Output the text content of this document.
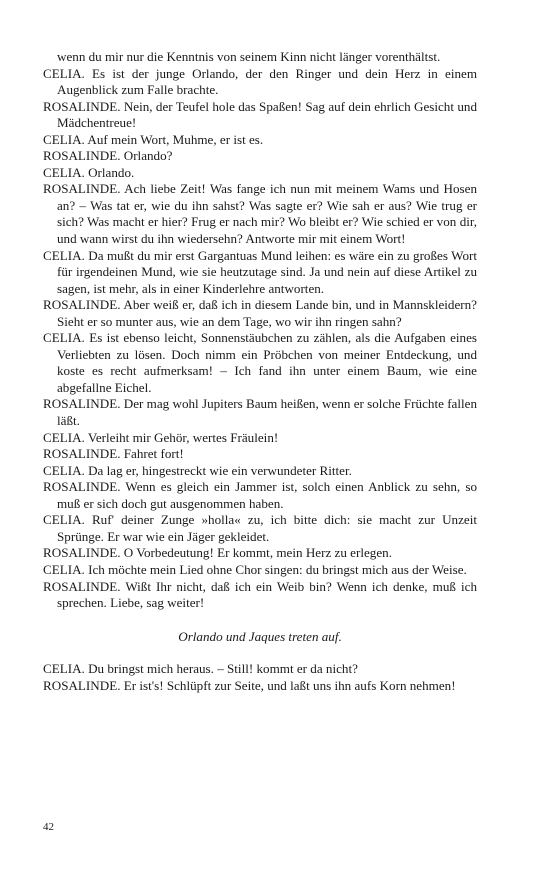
wenn du mir nur die Kenntnis von seinem Kinn nicht länger vorenthältst.

CELIA. Es ist der junge Orlando, der den Ringer und dein Herz in einem Augenblick zum Falle brachte.

ROSALINDE. Nein, der Teufel hole das Spaßen! Sag auf dein ehrlich Gesicht und Mädchentreue!

CELIA. Auf mein Wort, Muhme, er ist es.

ROSALINDE. Orlando?

CELIA. Orlando.

ROSALINDE. Ach liebe Zeit! Was fange ich nun mit meinem Wams und Hosen an? – Was tat er, wie du ihn sahst? Was sagte er? Wie sah er aus? Wie trug er sich? Was macht er hier? Frug er nach mir? Wo bleibt er? Wie schied er von dir, und wann wirst du ihn wiedersehn? Antworte mir mit einem Wort!

CELIA. Da mußt du mir erst Gargantuas Mund leihen: es wäre ein zu großes Wort für irgendeinen Mund, wie sie heutzutage sind. Ja und nein auf diese Artikel zu sagen, ist mehr, als in einer Kinderlehre antworten.

ROSALINDE. Aber weiß er, daß ich in diesem Lande bin, und in Mannskleidern? Sieht er so munter aus, wie an dem Tage, wo wir ihn ringen sahn?

CELIA. Es ist ebenso leicht, Sonnenstäubchen zu zählen, als die Aufgaben eines Verliebten zu lösen. Doch nimm ein Pröbchen von meiner Entdeckung, und koste es recht aufmerksam! – Ich fand ihn unter einem Baum, wie eine abgefallne Eichel.

ROSALINDE. Der mag wohl Jupiters Baum heißen, wenn er solche Früchte fallen läßt.

CELIA. Verleiht mir Gehör, wertes Fräulein!

ROSALINDE. Fahret fort!

CELIA. Da lag er, hingestreckt wie ein verwundeter Ritter.

ROSALINDE. Wenn es gleich ein Jammer ist, solch einen Anblick zu sehn, so muß er sich doch gut ausgenommen haben.

CELIA. Ruf' deiner Zunge »holla« zu, ich bitte dich: sie macht zur Unzeit Sprünge. Er war wie ein Jäger gekleidet.

ROSALINDE. O Vorbedeutung! Er kommt, mein Herz zu erlegen.

CELIA. Ich möchte mein Lied ohne Chor singen: du bringst mich aus der Weise.

ROSALINDE. Wißt Ihr nicht, daß ich ein Weib bin? Wenn ich denke, muß ich sprechen. Liebe, sag weiter!

Orlando und Jaques treten auf.

CELIA. Du bringst mich heraus. – Still! kommt er da nicht?

ROSALINDE. Er ist's! Schlüpft zur Seite, und laßt uns ihn aufs Korn nehmen!

42
